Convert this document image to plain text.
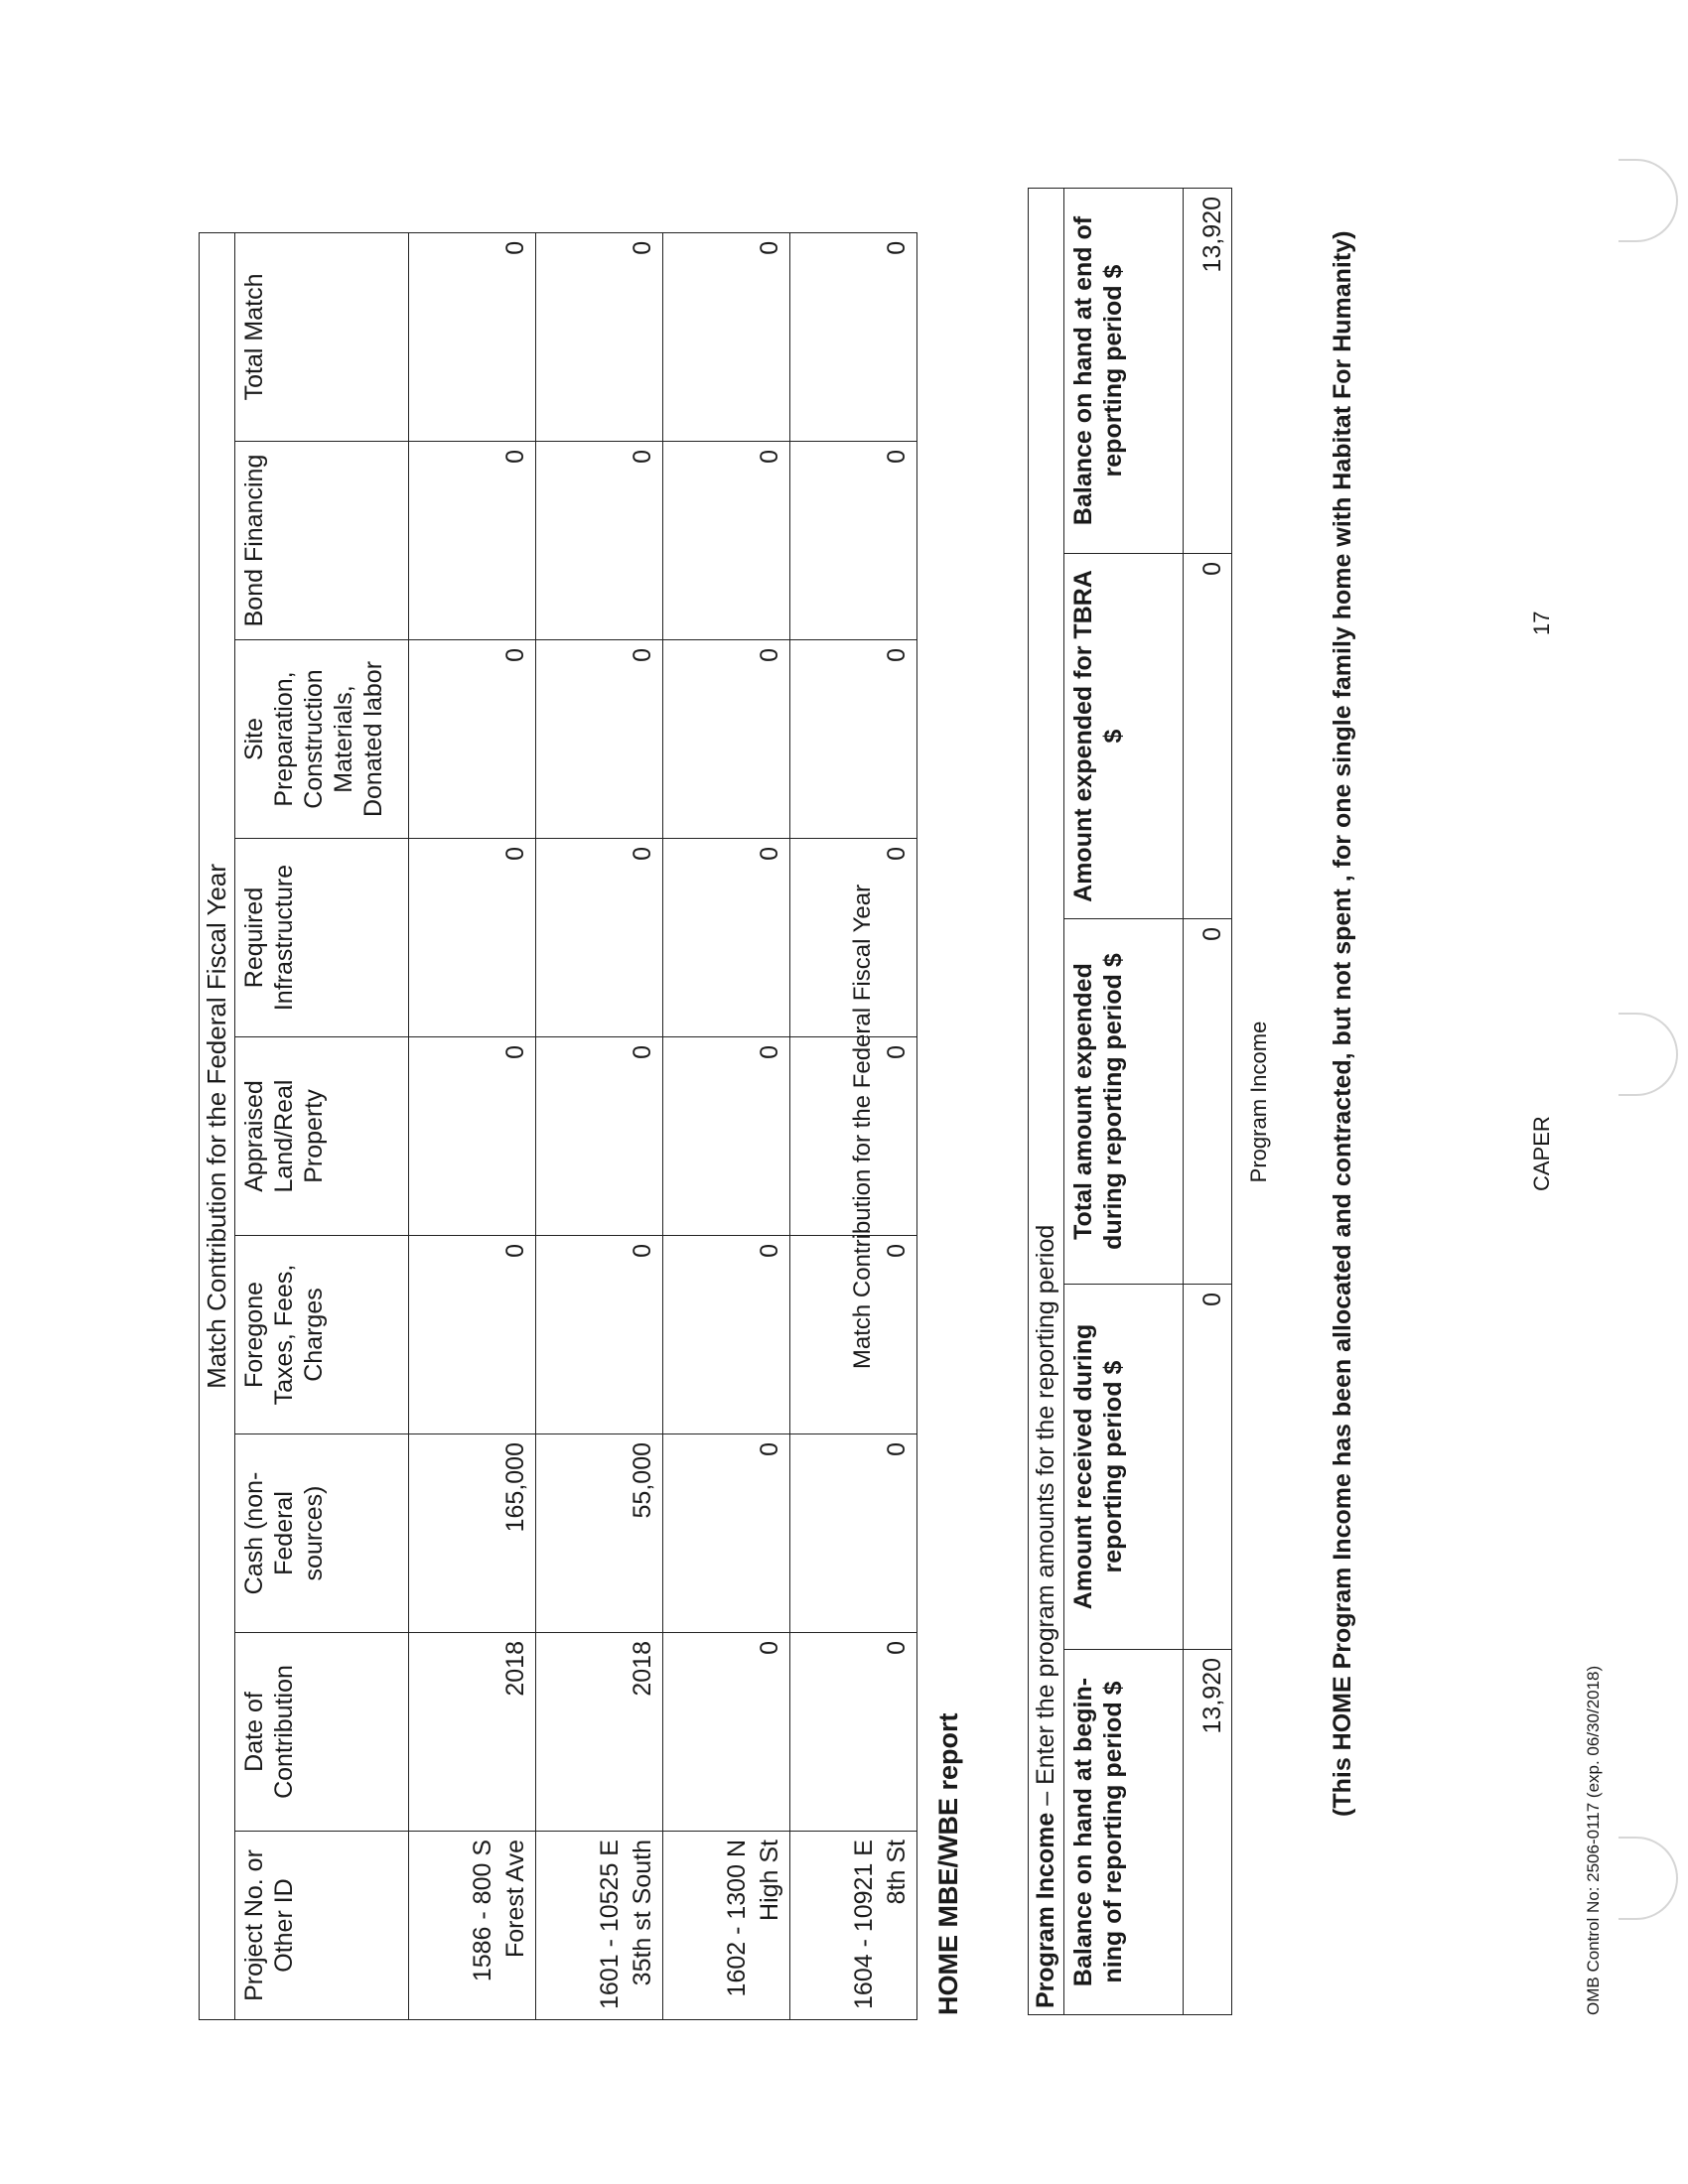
Match Contribution for the Federal Fiscal Year								
Project No. or Other ID	Date of Contribution	Cash (non-Federal sources)	Foregone Taxes, Fees, Charges	Appraised Land/Real Property	Required Infrastructure	Site Preparation, Construction Materials, Donated labor	Bond Financing	Total Match
1586 - 800 S Forest Ave	2018	165,000	0	0	0	0	0	0
1601 - 10525 E 35th st South	2018	55,000	0	0	0	0	0	0
1602 - 1300 N High St	0	0	0	0	0	0	0	0
1604 - 10921 E 8th St	0	0	0	0	0	0	0	0
Match Contribution for the Federal Fiscal Year
HOME MBE/WBE report	Program Income – Enter the program amounts for the reporting period				
Balance on hand at begin-ning of reporting period $	Amount received during reporting period $	Total amount expended during reporting period $	Amount expended for TBRA $	Balance on hand at end of reporting period $
13,920	0	0	0	13,920
Program Income (This HOME Program Income has been allocated and contracted, but not spent , for one single family home with Habitat For Humanity)	CAPER
17
OMB Control No: 2506-0117 (exp. 06/30/2018)
